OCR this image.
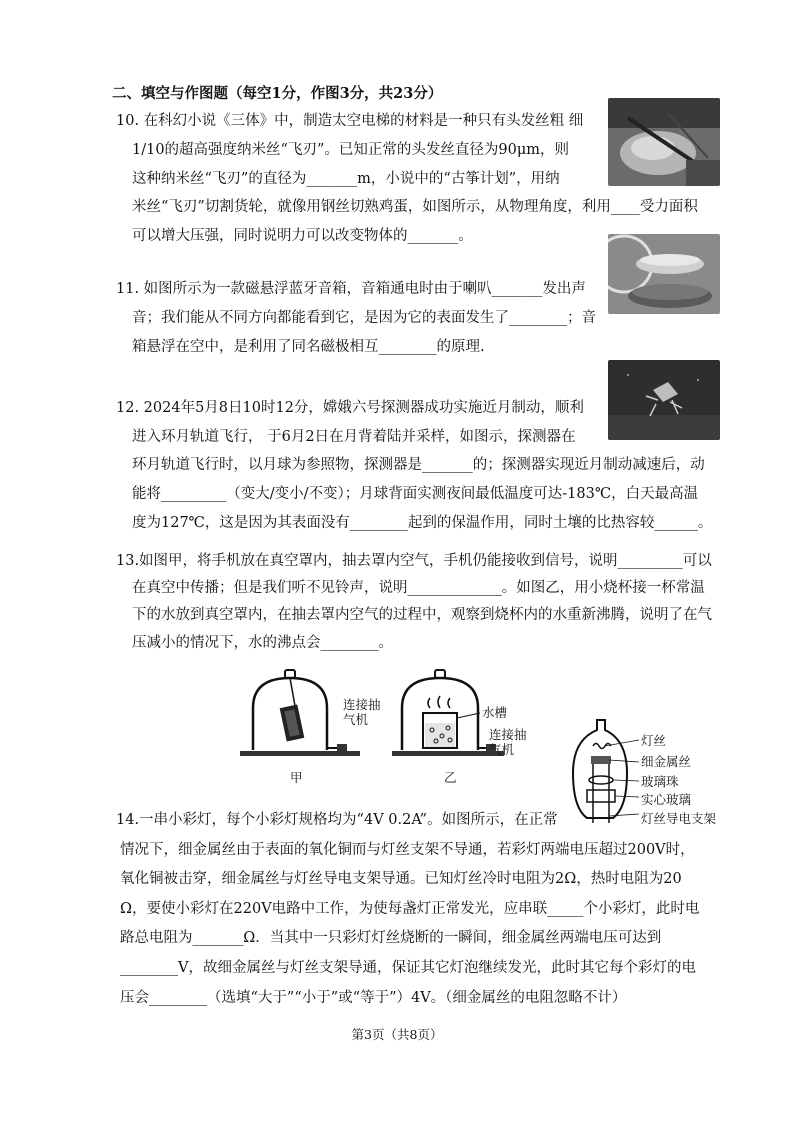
二、填空与作图题（每空1分，作图3分，共23分）
10. 在科幻小说《三体》中，制造太空电梯的材料是一种只有头发丝粗 细
1/10的超高强度纳米丝“飞刃”。已知正常的头发丝直径为90μm，则
这种纳米丝“飞刃”的直径为_______m，小说中的“古筝计划”，用纳
米丝“飞刃”切割货轮，就像用钢丝切熟鸡蛋，如图所示，从物理角度，利用____受力面积
可以增大压强，同时说明力可以改变物体的_______。
11. 如图所示为一款磁悬浮蓝牙音箱，音箱通电时由于喇叭_______发出声
音；我们能从不同方向都能看到它，是因为它的表面发生了________；音
箱悬浮在空中，是利用了同名磁极相互________的原理.
12. 2024年5月8日10时12分，嫦娥六号探测器成功实施近月制动，顺利
进入环月轨道飞行， 于6月2日在月背着陆并采样，如图示，探测器在
环月轨道飞行时，以月球为参照物，探测器是_______的；探测器实现近月制动减速后，动
能将_________（变大/变小/不变）；月球背面实测夜间最低温度可达-183℃，白天最高温
度为127℃，这是因为其表面没有________起到的保温作用，同时土壤的比热容较______。
13.如图甲，将手机放在真空罩内，抽去罩内空气，手机仍能接收到信号，说明_________可以
在真空中传播；但是我们听不见铃声，说明_____________。如图乙，用小烧杯接一杯常温
下的水放到真空罩内，在抽去罩内空气的过程中，观察到烧杯内的水重新沸腾，说明了在气
压减小的情况下，水的沸点会________。
连接抽
气机
甲
水槽
连接抽
气机
乙
灯丝
细金属丝
玻璃珠
实心玻璃
灯丝导电支架
14.一串小彩灯，每个小彩灯规格均为“4V 0.2A”。如图所示，在正常
情况下，细金属丝由于表面的氧化铜而与灯丝支架不导通，若彩灯两端电压超过200V时，
氧化铜被击穿，细金属丝与灯丝导电支架导通。已知灯丝冷时电阻为2Ω，热时电阻为20
Ω，要使小彩灯在220V电路中工作，为使每盏灯正常发光，应串联_____个小彩灯，此时电
路总电阻为_______Ω．当其中一只彩灯灯丝烧断的一瞬间，细金属丝两端电压可达到
________V，故细金属丝与灯丝支架导通，保证其它灯泡继续发光，此时其它每个彩灯的电
压会________（选填“大于”“小于”或“等于”）4V。（细金属丝的电阻忽略不计）
第3页（共8页）
